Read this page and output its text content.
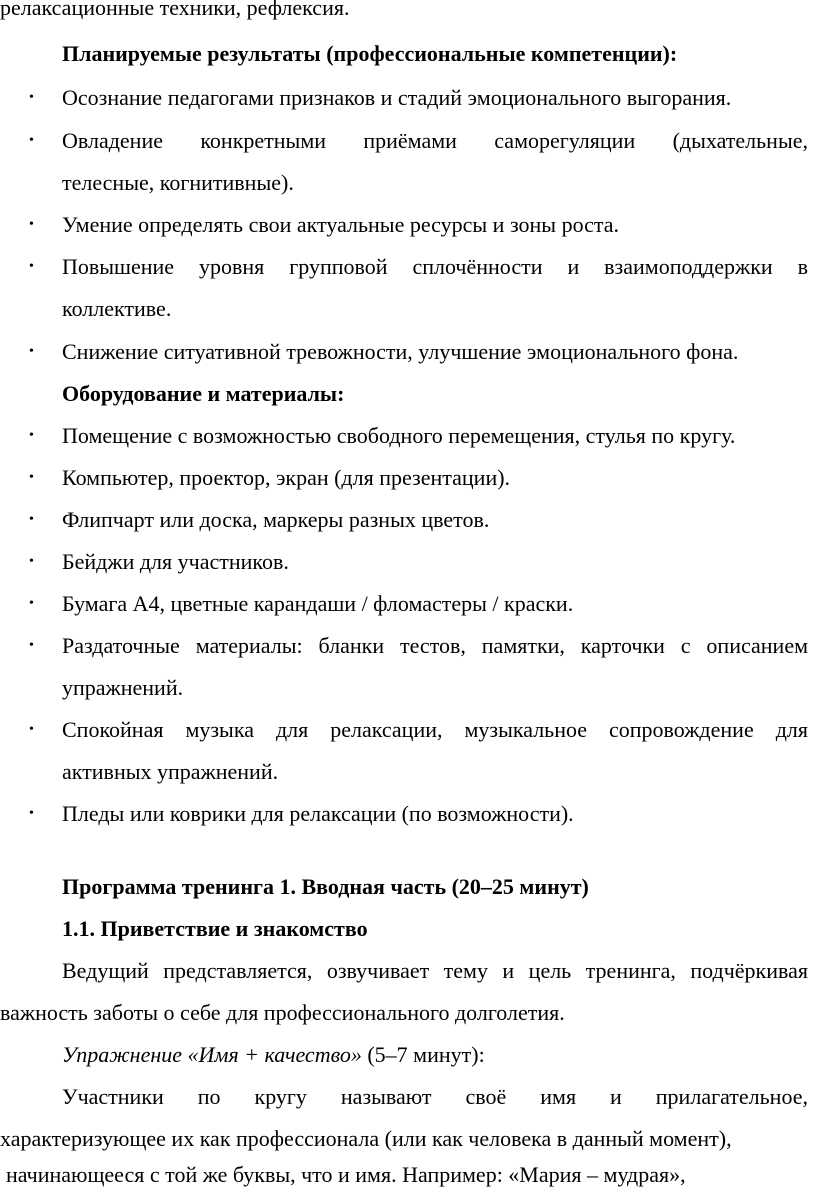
релаксационные техники, рефлексия.
Планируемые результаты (профессиональные компетенции):
• Осознание педагогами признаков и стадий эмоционального выгорания.
• Овладение конкретными приёмами саморегуляции (дыхательные,
телесные, когнитивные).
• Умение определять свои актуальные ресурсы и зоны роста.
• Повышение уровня групповой сплочённости и взаимоподдержки в
коллективе.
• Снижение ситуативной тревожности, улучшение эмоционального фона.
Оборудование и материалы:
• Помещение с возможностью свободного перемещения, стулья по кругу.
• Компьютер, проектор, экран (для презентации).
• Флипчарт или доска, маркеры разных цветов.
• Бейджи для участников.
• Бумага А4, цветные карандаши / фломастеры / краски.
• Раздаточные материалы: бланки тестов, памятки, карточки с описанием
упражнений.
• Спокойная музыка для релаксации, музыкальное сопровождение для
активных упражнений.
• Пледы или коврики для релаксации (по возможности).
Программа тренинга 1. Вводная часть (20–25 минут)
1.1. Приветствие и знакомство
Ведущий представляется, озвучивает тему и цель тренинга, подчёркивая
важность заботы о себе для профессионального долголетия.
Упражнение «Имя + качество» (5–7 минут):
Участники по кругу называют своё имя и прилагательное,
характеризующее их как профессионала (или как человека в данный момент),
начинающееся с той же буквы, что и имя. Например: «Мария – мудрая»,
